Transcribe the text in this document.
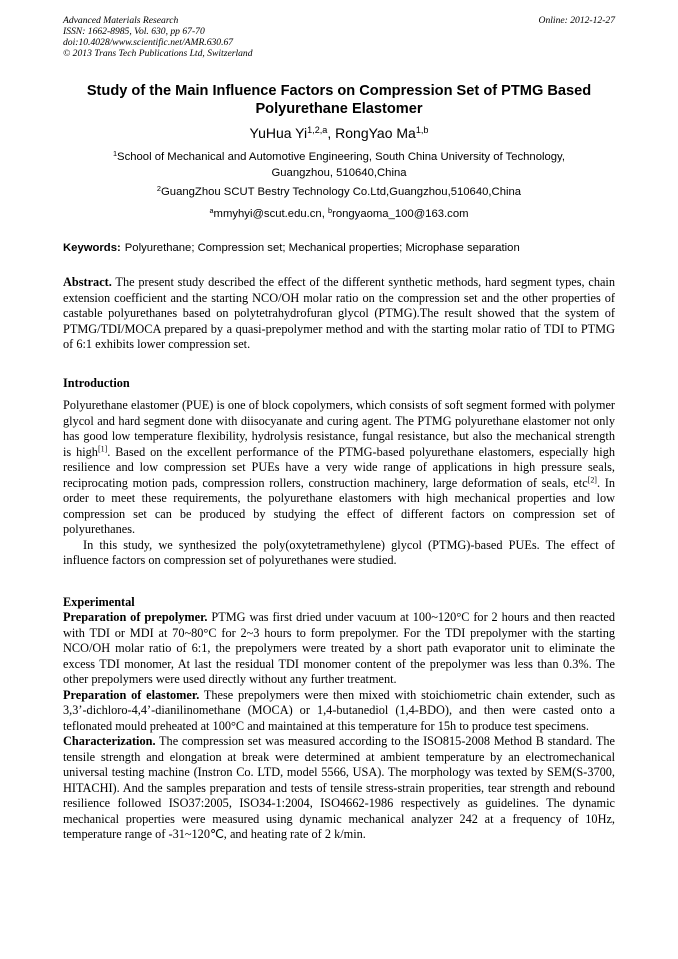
Advanced Materials Research
ISSN: 1662-8985, Vol. 630, pp 67-70
doi:10.4028/www.scientific.net/AMR.630.67
© 2013 Trans Tech Publications Ltd, Switzerland
Online: 2012-12-27
Study of the Main Influence Factors on Compression Set of PTMG Based
Polyurethane Elastomer
YuHua Yi$^{1,2,a}$, RongYao Ma$^{1,b}$
$^1$School of Mechanical and Automotive Engineering, South China University of Technology,
Guangzhou, 510640,China
$^2$GuangZhou SCUT Bestry Technology Co.Ltd,Guangzhou,510640,China
$^a$mmyhyi@scut.edu.cn, $^b$rongyaoma_100@163.com
Keywords: Polyurethane; Compression set; Mechanical properties; Microphase separation

Abstract. The present study described the effect of the different synthetic methods, hard segment types, chain extension coefficient and the starting NCO/OH molar ratio on the compression set and the other properties of castable polyurethanes based on polytetrahydrofuran glycol (PTMG).The result showed that the system of PTMG/TDI/MOCA prepared by a quasi-prepolymer method and with the starting molar ratio of TDI to PTMG of 6:1 exhibits lower compression set.

Introduction

Polyurethane elastomer (PUE) is one of block copolymers, which consists of soft segment formed with polymer glycol and hard segment done with diisocyanate and curing agent. The PTMG polyurethane elastomer not only has good low temperature flexibility, hydrolysis resistance, fungal resistance, but also the mechanical strength is high[1]. Based on the excellent performance of the PTMG-based polyurethane elastomers, especially high resilience and low compression set PUEs have a very wide range of applications in high pressure seals, reciprocating motion pads, compression rollers, construction machinery, large deformation of seals, etc[2]. In order to meet these requirements, the polyurethane elastomers with high mechanical properties and low compression set can be produced by studying the effect of different factors on compression set of polyurethanes.

In this study, we synthesized the poly(oxytetramethylene) glycol (PTMG)-based PUEs. The effect of influence factors on compression set of polyurethanes were studied.

Experimental

Preparation of prepolymer. PTMG was first dried under vacuum at 100~120°C for 2 hours and then reacted with TDI or MDI at 70~80°C for 2~3 hours to form prepolymer. For the TDI prepolymer with the starting NCO/OH molar ratio of 6:1, the prepolymers were treated by a short path evaporator unit to eliminate the excess TDI monomer, At last the residual TDI monomer content of the prepolymer was less than 0.3%. The other prepolymers were used directly without any further treatment.

Preparation of elastomer. These prepolymers were then mixed with stoichiometric chain extender, such as 3,3’-dichloro-4,4’-dianilinomethane (MOCA) or 1,4-butanediol (1,4-BDO), and then were casted onto a teflonated mould preheated at 100°C and maintained at this temperature for 15h to produce test specimens.

Characterization. The compression set was measured according to the ISO815-2008 Method B standard. The tensile strength and elongation at break were determined at ambient temperature by an electromechanical universal testing machine (Instron Co. LTD, model 5566, USA). The morphology was texted by SEM(S-3700, HITACHI). And the samples preparation and tests of tensile stress-strain properities, tear strength and rebound resilience followed ISO37:2005, ISO34-1:2004, ISO4662-1986 respectively as guidelines. The dynamic mechanical properties were measured using dynamic mechanical analyzer 242 at a frequency of 10Hz, temperature range of -31~120℃, and heating rate of 2 k/min.
